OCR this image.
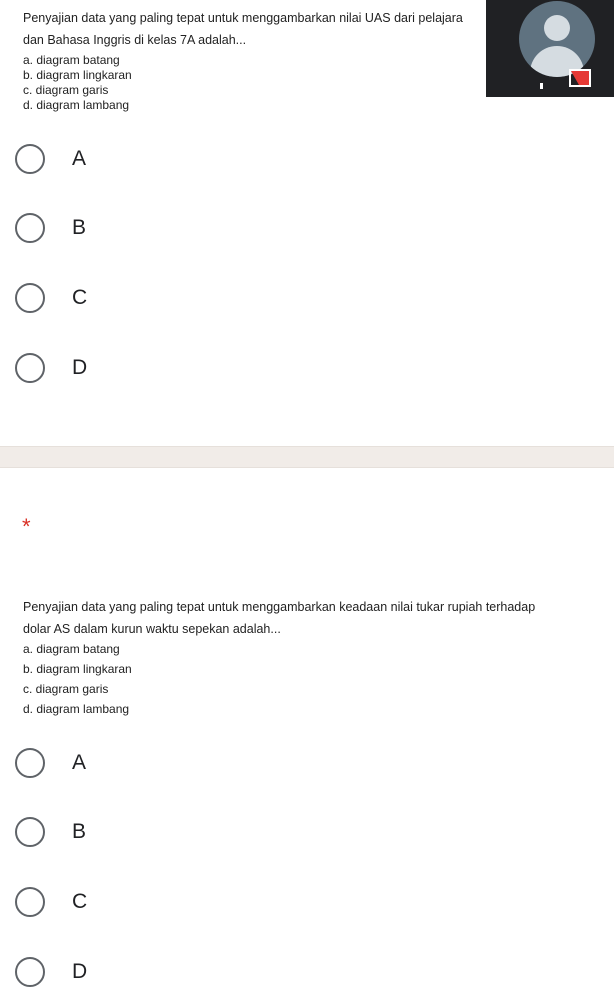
Penyajian data yang paling tepat untuk menggambarkan nilai UAS dari pelajara
dan Bahasa Inggris di kelas 7A adalah...
a. diagram batang
b. diagram lingkaran
c. diagram garis
d. diagram lambang
A
B
C
D
*
Penyajian data yang paling tepat untuk menggambarkan keadaan nilai tukar rupiah terhadap
dolar AS dalam kurun waktu sepekan adalah...
a. diagram batang
b. diagram lingkaran
c. diagram garis
d. diagram lambang
A
B
C
D
